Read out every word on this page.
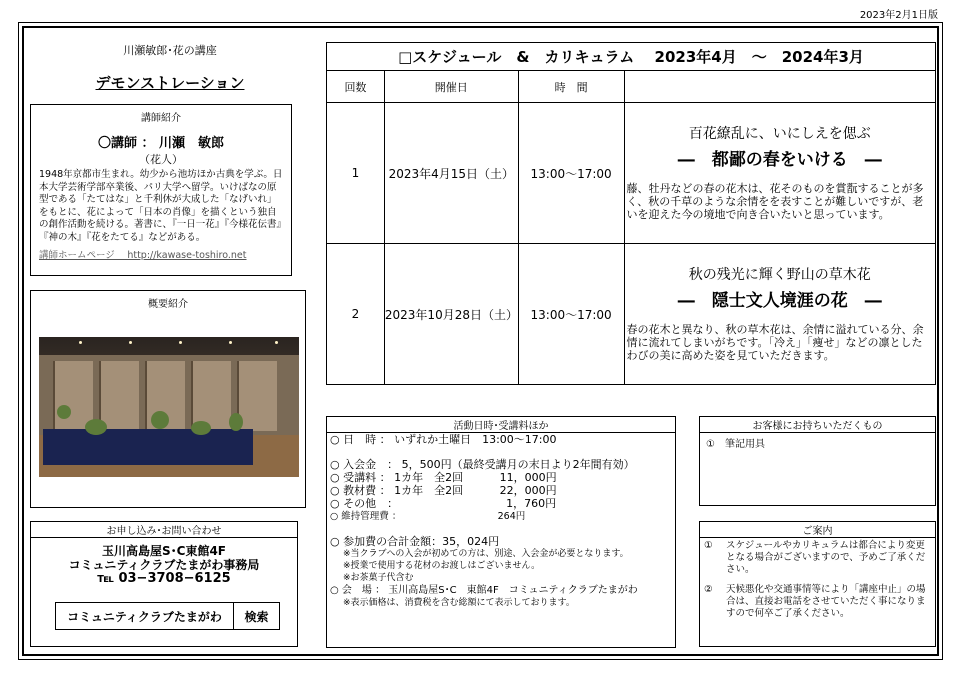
2023年2月1日版
川瀬敏郎･花の講座
デモンストレーション
講師紹介
〇講師 ： 川瀬　敏郎
（花人）
1948年京都市生まれ。幼少から池坊ほか古典を学ぶ。日本大学芸術学部卒業後、パリ大学へ留学。いけばなの原型である「たてはな」と千利休が大成した「なげいれ」をもとに、花によって「日本の肖像」を描くという独自の創作活動を続ける。著書に、『一日一花』『今様花伝書』『神の木』『花をたてる』などがある。
講師ホームページ　 http://kawase-toshiro.net
概要紹介
お申し込み･お問い合わせ
玉川高島屋S･C東館4F
コミュニティクラブたまがわ事務局
℡ 03−3708−6125
コミュニティクラブたまがわ	検索
□スケジュール　&　カリキュラム　 2023年4月　～　2024年3月
回数	開催日	時　間	
1	2023年4月15日（土）	13:00～17:00	百花繚乱に、いにしえを偲ぶ
―　都鄙の春をいける　―
藤、牡丹などの春の花木は、花そのものを賞翫することが多く、秋の千草のような余情をを表すことが難しいですが、老いを迎えた今の境地で向き合いたいと思っています。

2	2023年10月28日（土）	13:00～17:00	秋の残光に輝く野山の草木花
―　隠士文人境涯の花　―
春の花木と異なり、秋の草木花は、余情に溢れている分、余情に流れてしまいがちです。「冷え」「痩せ」などの凛としたわびの美に高めた姿を見ていただきます。
活動日時･受講料ほか
○ 日　時 ： いずれか土曜日　13:00～17:00
○ 入会金　： 5，500円（最終受講月の末日より2年間有効）
○ 受講料 ： 1カ年　全2回　　　 11，000円
○ 教材費 ： 1カ年　全2回　　　 22，000円
○ その他　：　　　　　　　　　　 1，760円
○ 維持管理費 ：　　　　　　　　　　  264円
○ 参加費の合計金額：35，024円
※当クラブへの入会が初めての方は、別途、入会金が必要となります。
※授業で使用する花材のお渡しはございません。
※お茶菓子代含む
○ 会　場 ： 玉川高島屋S･C　東館4F　コミュニティクラブたまがわ
※表示価格は、消費税を含む総額にて表示しております。
お客様にお持ちいただくもの
①　 筆記用具
ご案内
①	スケジュールやカリキュラムは都合により変更となる場合がございますので、予めご了承ください。
②	天候悪化や交通事情等により「講座中止」の場合は、直接お電話をさせていただく事になりますので何卒ご了承ください。
